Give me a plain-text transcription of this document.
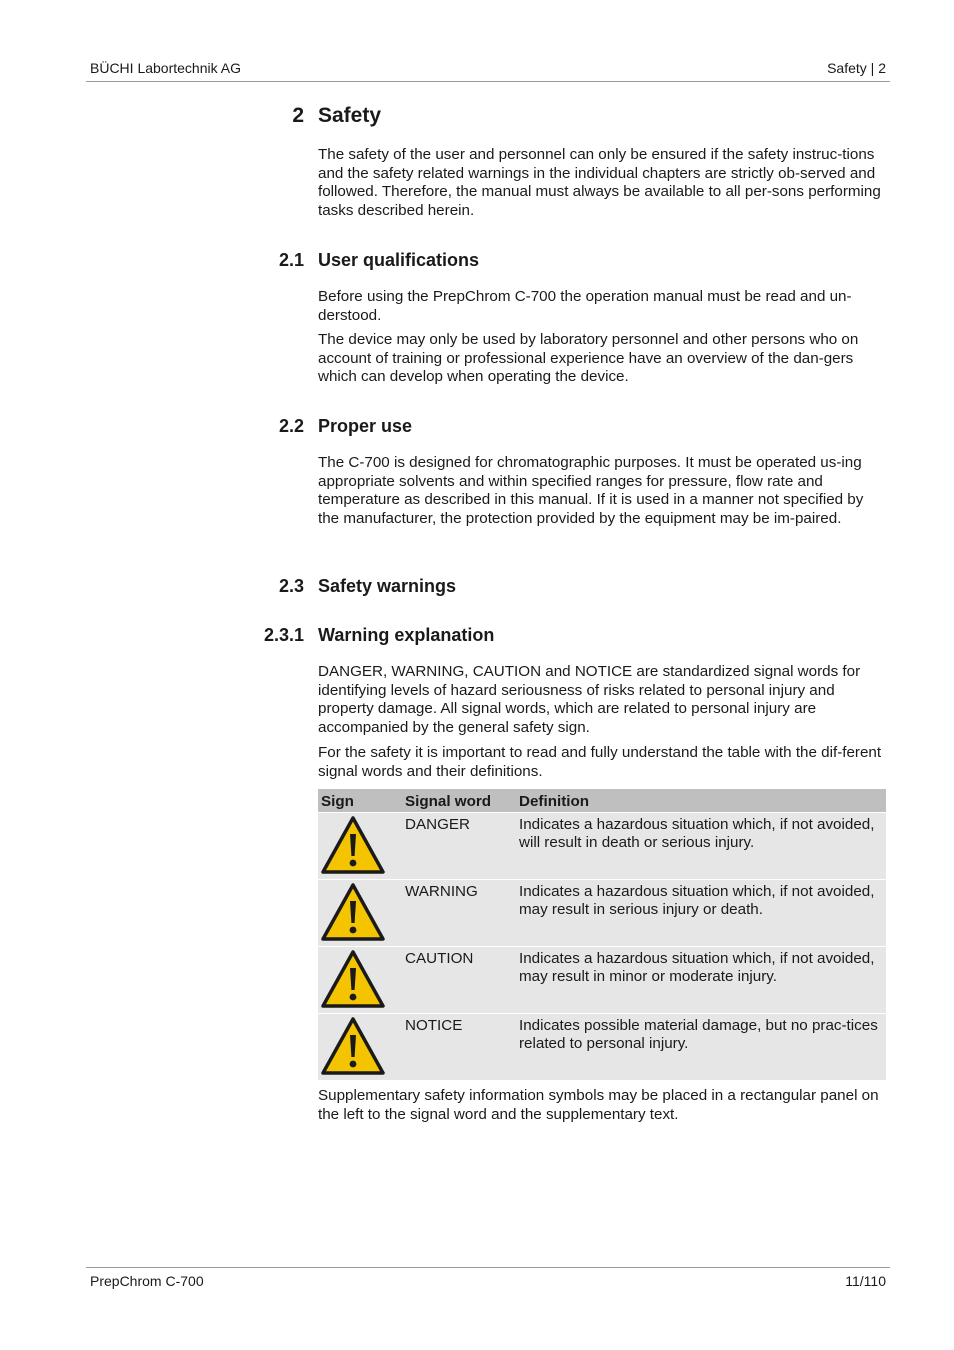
BÜCHI Labortechnik AG	Safety | 2
2 Safety
The safety of the user and personnel can only be ensured if the safety instruc-tions and the safety related warnings in the individual chapters are strictly ob-served and followed. Therefore, the manual must always be available to all per-sons performing tasks described herein.
2.1 User qualifications
Before using the PrepChrom C-700 the operation manual must be read and un-derstood.
The device may only be used by laboratory personnel and other persons who on account of training or professional experience have an overview of the dan-gers which can develop when operating the device.
2.2 Proper use
The C-700 is designed for chromatographic purposes. It must be operated us-ing appropriate solvents and within specified ranges for pressure, flow rate and temperature as described in this manual. If it is used in a manner not specified by the manufacturer, the protection provided by the equipment may be im-paired.
2.3 Safety warnings
2.3.1 Warning explanation
DANGER, WARNING, CAUTION and NOTICE are standardized signal words for identifying levels of hazard seriousness of risks related to personal injury and property damage. All signal words, which are related to personal injury are accompanied by the general safety sign.
For the safety it is important to read and fully understand the table with the dif-ferent signal words and their definitions.
Sign	Signal word	Definition

	DANGER	Indicates a hazardous situation which, if not avoided, will result in death or serious injury.

	WARNING	Indicates a hazardous situation which, if not avoided, may result in serious injury or death.

	CAUTION	Indicates a hazardous situation which, if not avoided, may result in minor or moderate injury.

	NOTICE	Indicates possible material damage, but no prac-tices related to personal injury.
Supplementary safety information symbols may be placed in a rectangular panel on the left to the signal word and the supplementary text.
PrepChrom C-700	11/110
